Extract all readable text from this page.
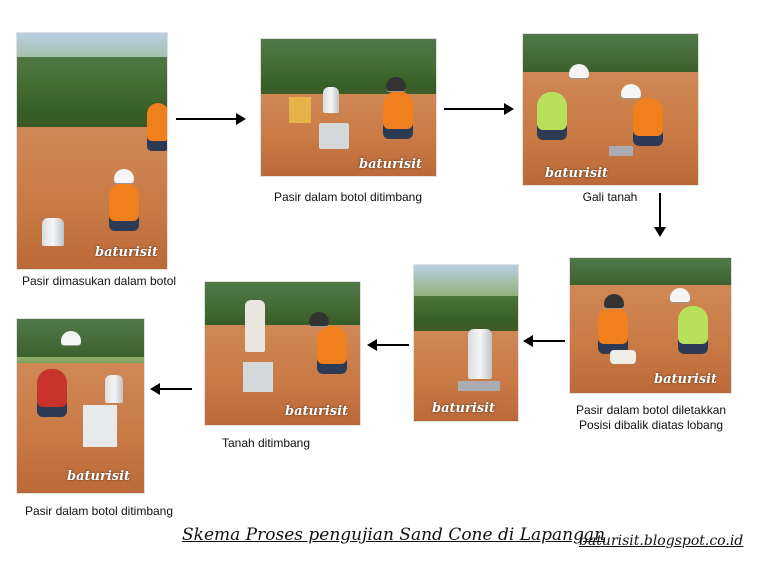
baturisit
Pasir dimasukan dalam botol
baturisit
Pasir dalam botol ditimbang
baturisit
Gali tanah
baturisit
Pasir dalam botol diletakkan
Posisi dibalik diatas lobang
baturisit
baturisit
Tanah ditimbang
baturisit
Pasir dalam botol ditimbang
Skema Proses pengujian Sand Cone di Lapangan
baturisit.blogspot.co.id
